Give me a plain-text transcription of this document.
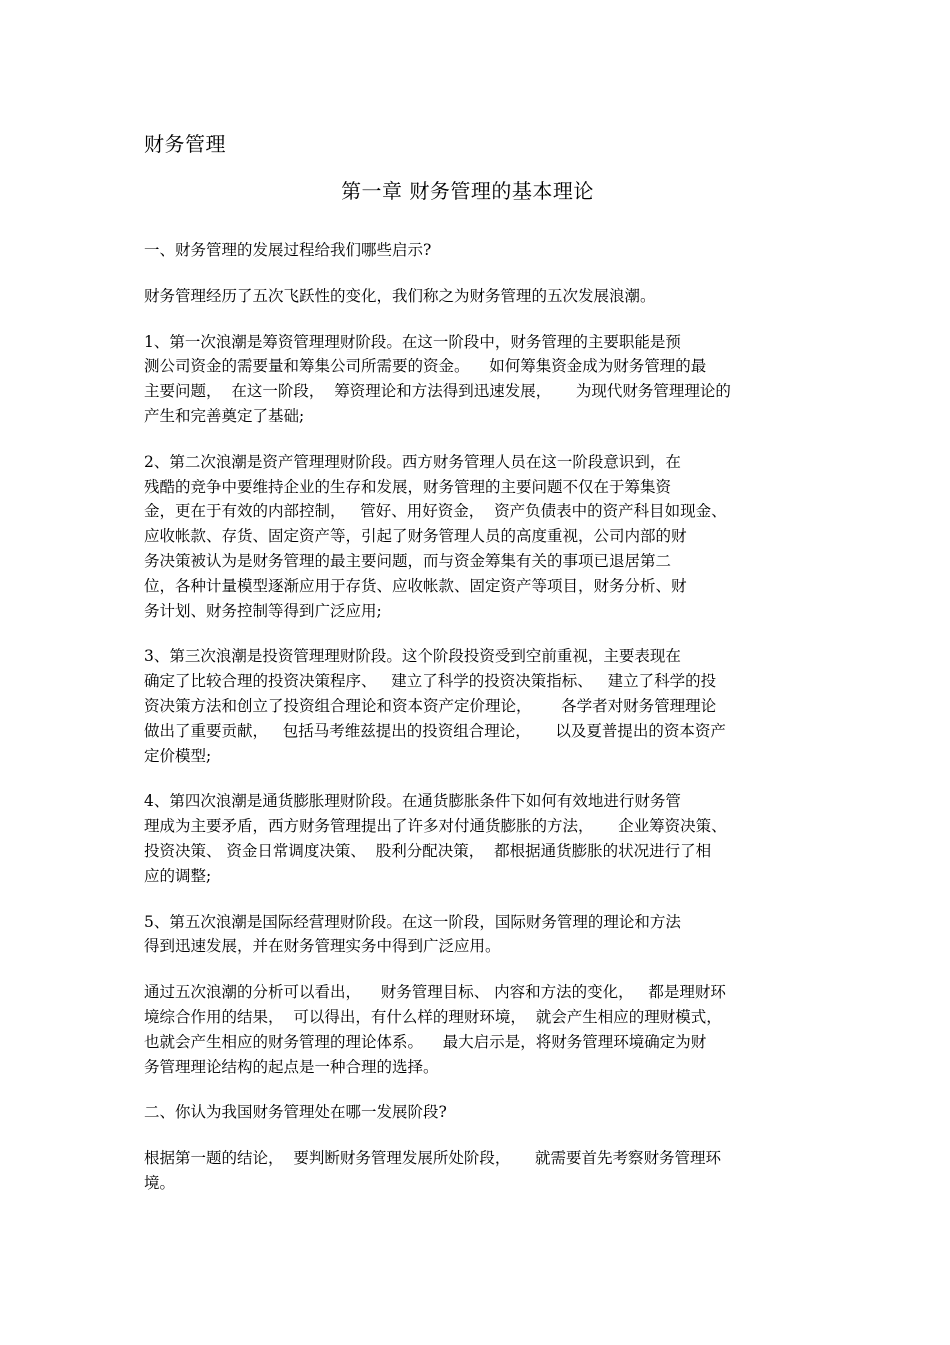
财务管理
第一章 财务管理的基本理论
一、财务管理的发展过程给我们哪些启示?
财务管理经历了五次飞跃性的变化，我们称之为财务管理的五次发展浪潮。
1、第一次浪潮是筹资管理理财阶段。在这一阶段中，财务管理的主要职能是预
测公司资金的需要量和筹集公司所需要的资金。    如何筹集资金成为财务管理的最
主要问题，  在这一阶段，  筹资理论和方法得到迅速发展，     为现代财务管理理论的
产生和完善奠定了基础;
2、第二次浪潮是资产管理理财阶段。西方财务管理人员在这一阶段意识到，在
残酷的竞争中要维持企业的生存和发展，财务管理的主要问题不仅在于筹集资
金，更在于有效的内部控制，   管好、用好资金，  资产负债表中的资产科目如现金、
应收帐款、存货、固定资产等，引起了财务管理人员的高度重视，公司内部的财
务决策被认为是财务管理的最主要问题，而与资金筹集有关的事项已退居第二
位，各种计量模型逐渐应用于存货、应收帐款、固定资产等项目，财务分析、财
务计划、财务控制等得到广泛应用;
3、第三次浪潮是投资管理理财阶段。这个阶段投资受到空前重视，主要表现在
确定了比较合理的投资决策程序、   建立了科学的投资决策指标、   建立了科学的投
资决策方法和创立了投资组合理论和资本资产定价理论，      各学者对财务管理理论
做出了重要贡献，   包括马考维兹提出的投资组合理论，     以及夏普提出的资本资产
定价模型;
4、第四次浪潮是通货膨胀理财阶段。在通货膨胀条件下如何有效地进行财务管
理成为主要矛盾，西方财务管理提出了许多对付通货膨胀的方法，     企业筹资决策、
投资决策、 资金日常调度决策、  股利分配决策，  都根据通货膨胀的状况进行了相
应的调整;
5、第五次浪潮是国际经营理财阶段。在这一阶段，国际财务管理的理论和方法
得到迅速发展，并在财务管理实务中得到广泛应用。
通过五次浪潮的分析可以看出，    财务管理目标、 内容和方法的变化，   都是理财环
境综合作用的结果，  可以得出，有什么样的理财环境，  就会产生相应的理财模式，
也就会产生相应的财务管理的理论体系。    最大启示是，将财务管理环境确定为财
务管理理论结构的起点是一种合理的选择。
二、你认为我国财务管理处在哪一发展阶段?
根据第一题的结论，  要判断财务管理发展所处阶段，     就需要首先考察财务管理环
境。
